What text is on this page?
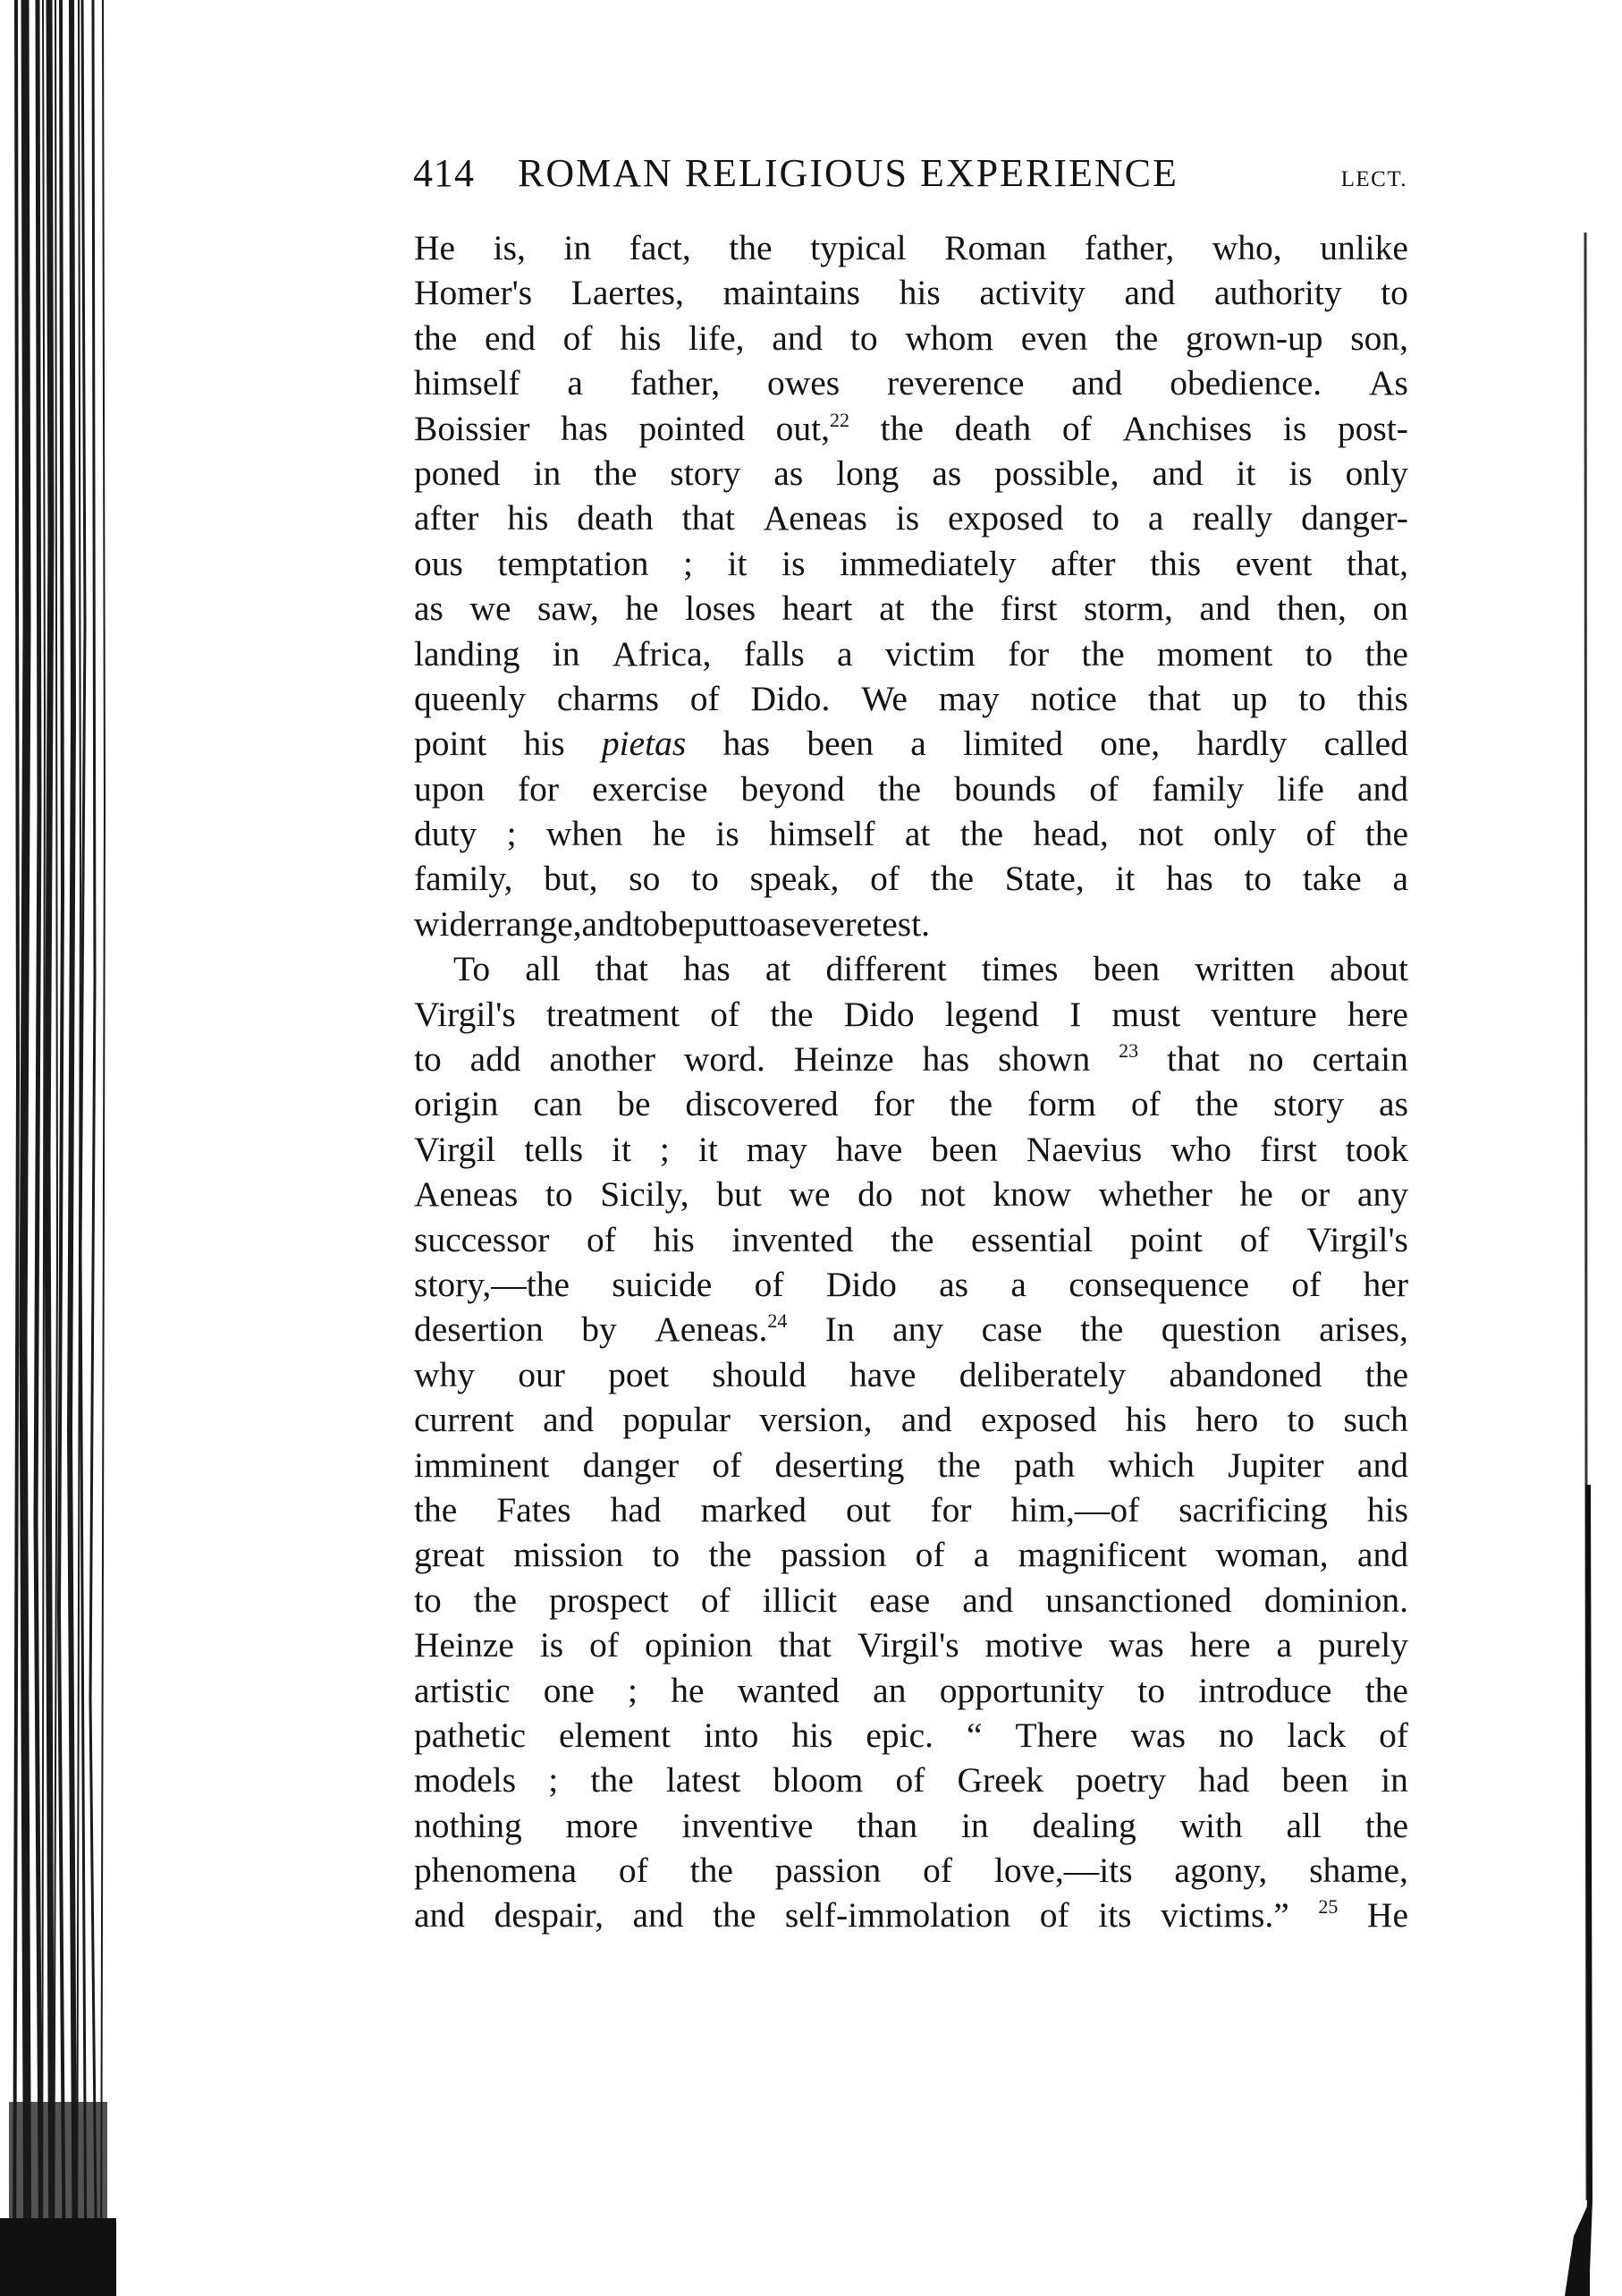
414 ROMAN RELIGIOUS EXPERIENCE	LECT.
He is, in fact, the typical Roman father, who, unlike
Homer's Laertes, maintains his activity and authority to
the end of his life, and to whom even the grown-up son,
himself a father, owes reverence and obedience. As
Boissier has pointed out,$^{22}$ the death of Anchises is post-
poned in the story as long as possible, and it is only
after his death that Aeneas is exposed to a really danger-
ous temptation ; it is immediately after this event that,
as we saw, he loses heart at the first storm, and then, on
landing in Africa, falls a victim for the moment to the
queenly charms of Dido. We may notice that up to this
point his pietas has been a limited one, hardly called
upon for exercise beyond the bounds of family life and
duty ; when he is himself at the head, not only of the
family, but, so to speak, of the State, it has to take a
wider range, and to be put to a severe test.
To all that has at different times been written about
Virgil's treatment of the Dido legend I must venture here
to add another word. Heinze has shown $^{23}$ that no certain
origin can be discovered for the form of the story as
Virgil tells it ; it may have been Naevius who first took
Aeneas to Sicily, but we do not know whether he or any
successor of his invented the essential point of Virgil's
story,—the suicide of Dido as a consequence of her
desertion by Aeneas.$^{24}$ In any case the question arises,
why our poet should have deliberately abandoned the
current and popular version, and exposed his hero to such
imminent danger of deserting the path which Jupiter and
the Fates had marked out for him,—of sacrificing his
great mission to the passion of a magnificent woman, and
to the prospect of illicit ease and unsanctioned dominion.
Heinze is of opinion that Virgil's motive was here a purely
artistic one ; he wanted an opportunity to introduce the
pathetic element into his epic. “ There was no lack of
models ; the latest bloom of Greek poetry had been in
nothing more inventive than in dealing with all the
phenomena of the passion of love,—its agony, shame,
and despair, and the self-immolation of its victims.” $^{25}$ He
